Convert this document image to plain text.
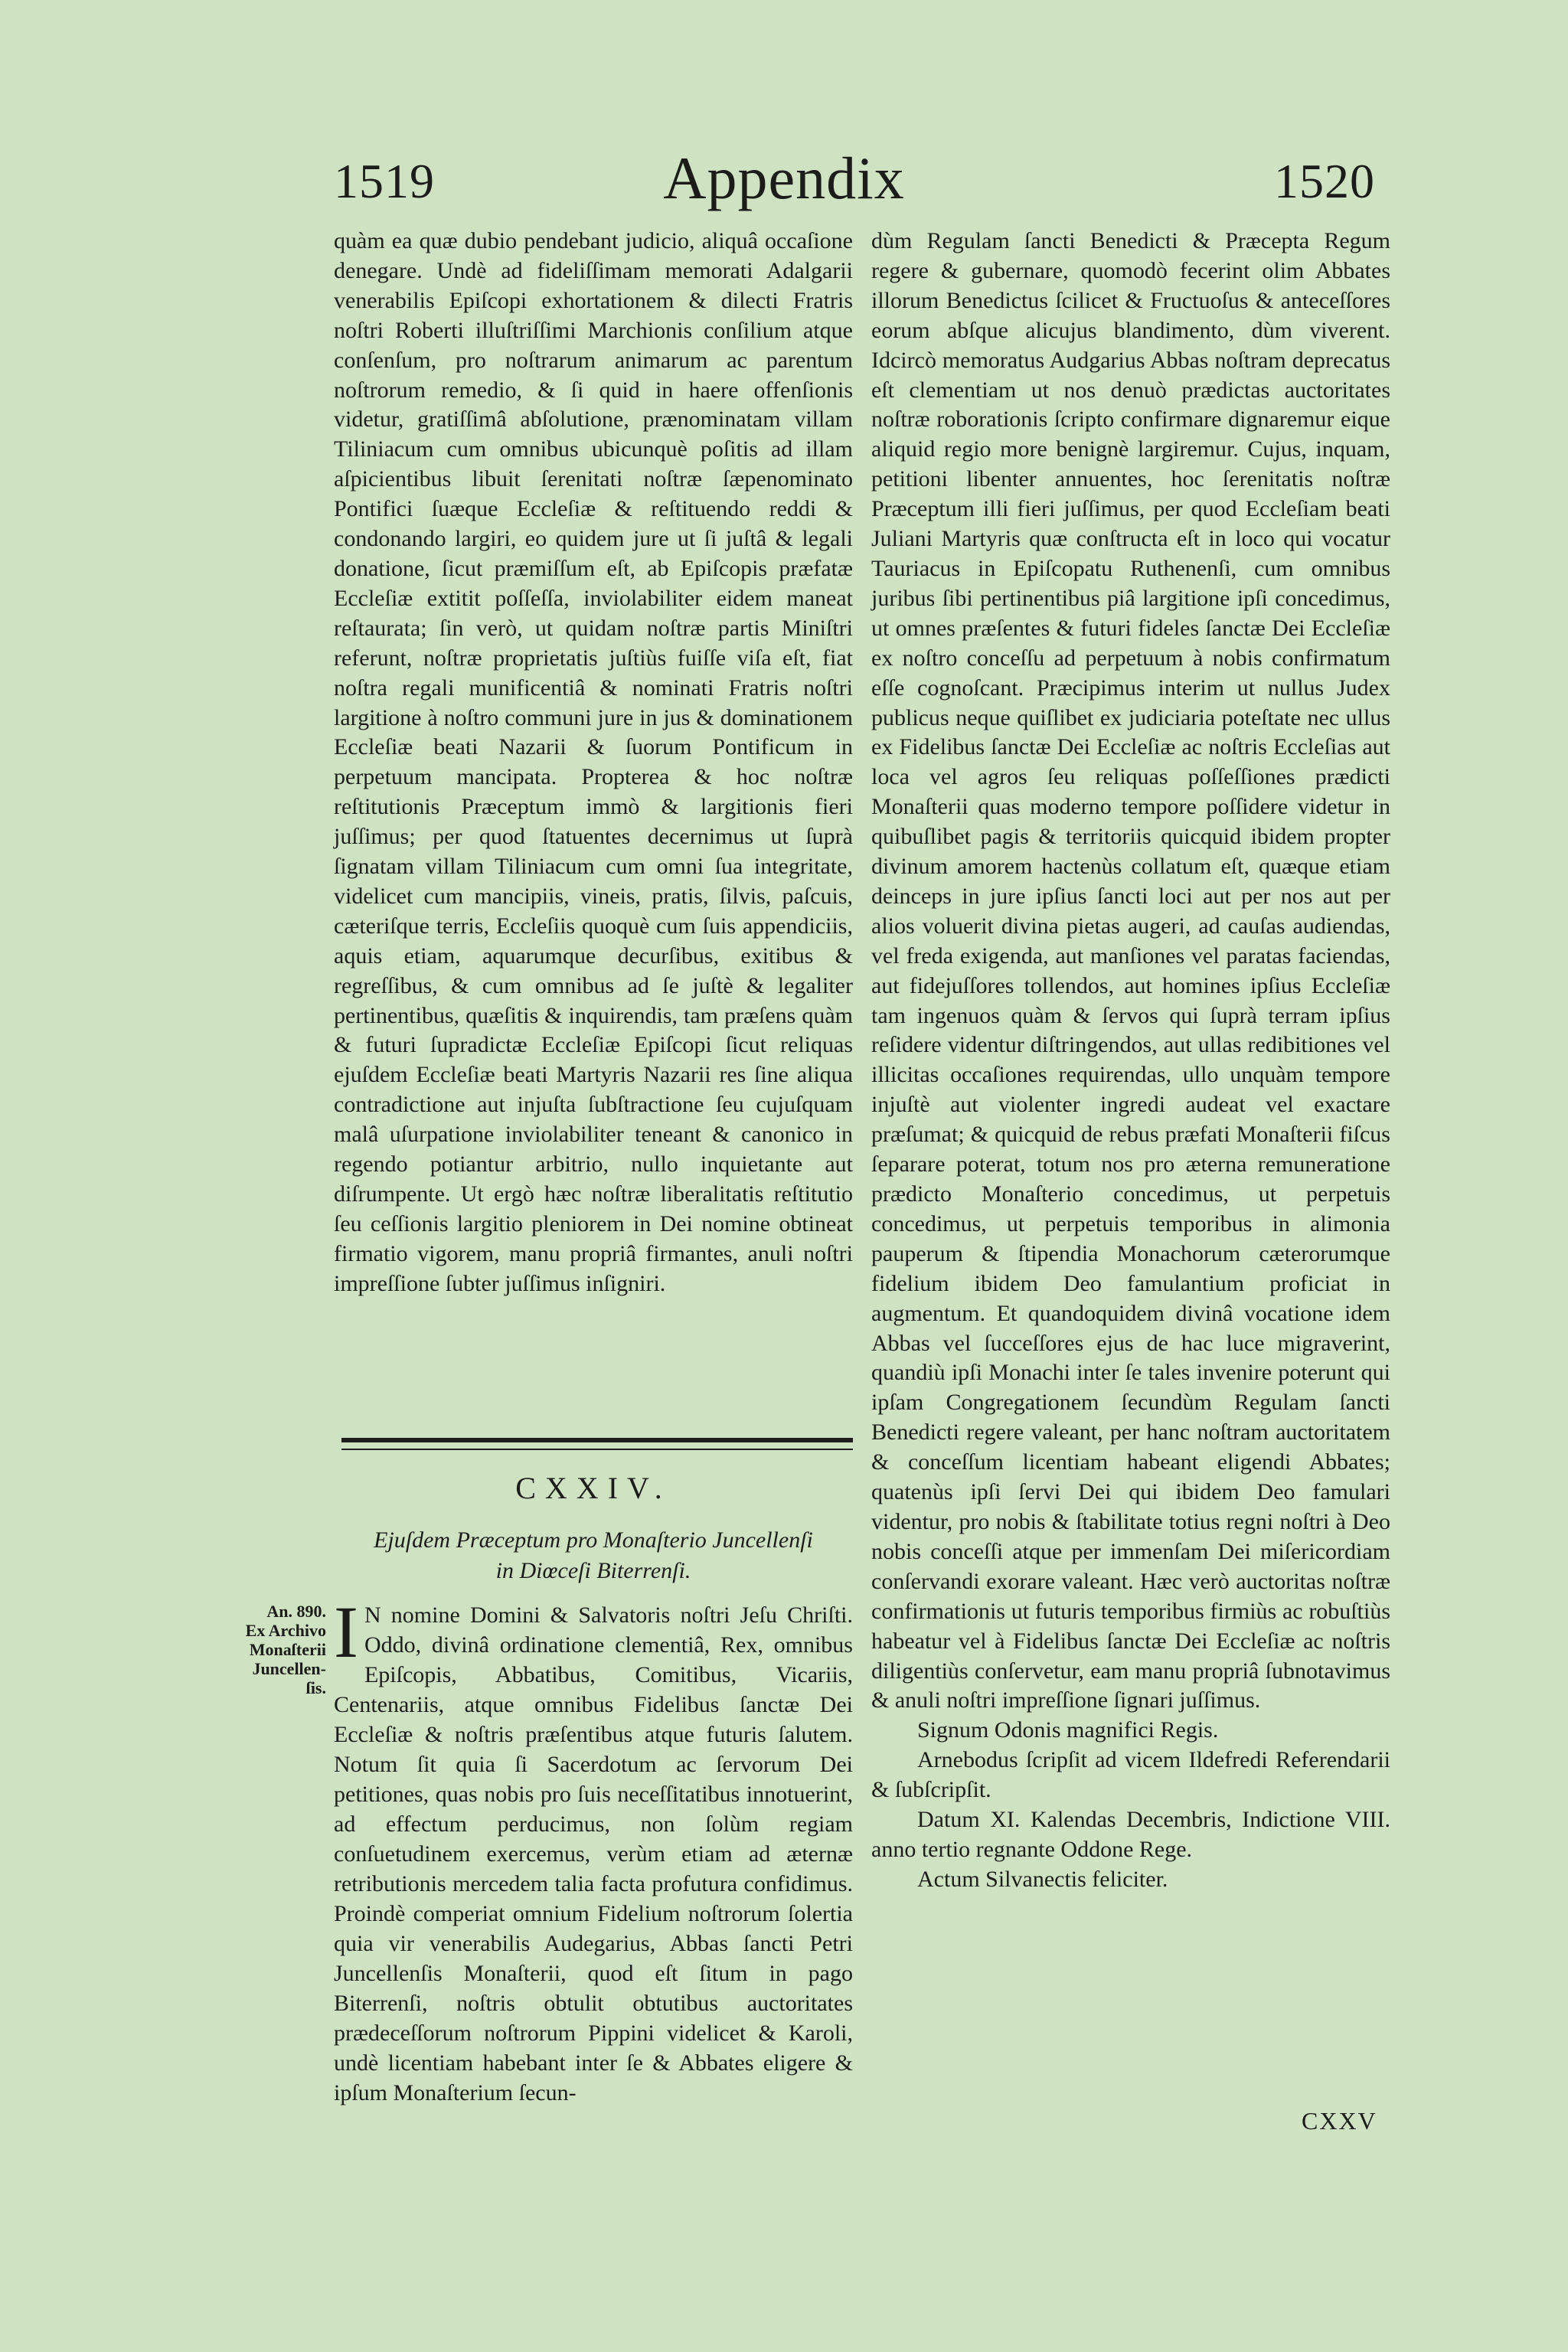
1519	Appendix	1520

quàm ea quæ dubio pendebant judicio, aliquâ occaſione denegare. Undè ad fideliſſimam memorati Adalgarii venerabilis Epiſcopi exhortationem & dilecti Fratris noſtri Roberti illuſtriſſimi Marchionis conſilium atque conſenſum, pro noſtrarum animarum ac parentum noſtrorum remedio, & ſi quid in haere offenſionis videtur, gratiſſimâ abſolutione, prænominatam villam Tiliniacum cum omnibus ubicunquè poſitis ad illam aſpicientibus libuit ſerenitati noſtræ ſæpenominato Pontifici ſuæque Eccleſiæ & reſtituendo reddi & condonando largiri, eo quidem jure ut ſi juſtâ & legali donatione, ſicut præmiſſum eſt, ab Epiſcopis præfatæ Eccleſiæ extitit poſſeſſa, inviolabiliter eidem maneat reſtaurata; ſin verò, ut quidam noſtræ partis Miniſtri referunt, noſtræ proprietatis juſtiùs fuiſſe viſa eſt, fiat noſtra regali munificentiâ & nominati Fratris noſtri largitione à noſtro communi jure in jus & dominationem Eccleſiæ beati Nazarii & ſuorum Pontificum in perpetuum mancipata. Propterea & hoc noſtræ reſtitutionis Præceptum immò & largitionis fieri juſſimus; per quod ſtatuentes decernimus ut ſuprà ſignatam villam Tiliniacum cum omni ſua integritate, videlicet cum mancipiis, vineis, pratis, ſilvis, paſcuis, cæteriſque terris, Eccleſiis quoquè cum ſuis appendiciis, aquis etiam, aquarumque decurſibus, exitibus & regreſſibus, & cum omnibus ad ſe juſtè & legaliter pertinentibus, quæſitis & inquirendis, tam præſens quàm & futuri ſupradictæ Eccleſiæ Epiſcopi ſicut reliquas ejuſdem Eccleſiæ beati Martyris Nazarii res ſine aliqua contradictione aut injuſta ſubſtractione ſeu cujuſquam malâ uſurpatione inviolabiliter teneant & canonico in regendo potiantur arbitrio, nullo inquietante aut diſrumpente. Ut ergò hæc noſtræ liberalitatis reſtitutio ſeu ceſſionis largitio pleniorem in Dei nomine obtineat firmatio vigorem, manu propriâ firmantes, anuli noſtri impreſſione ſubter juſſimus inſigniri.

CXXIV.
Ejuſdem Præceptum pro Monaſterio Juncellenſi
in Diœceſi Biterrenſi.
An. 890.
Ex Archivo
Monaſterii
Juncellen-
ſis.
I N nomine Domini & Salvatoris noſtri Jeſu Chriſti. Oddo, divinâ ordinatione clementiâ, Rex, omnibus Epiſcopis, Abbatibus, Comitibus, Vicariis, Centenariis, atque omnibus Fidelibus ſanctæ Dei Eccleſiæ & noſtris præſentibus atque futuris ſalutem. Notum ſit quia ſi Sacerdotum ac ſervorum Dei petitiones, quas nobis pro ſuis neceſſitatibus innotuerint, ad effectum perducimus, non ſolùm regiam conſuetudinem exercemus, verùm etiam ad æternæ retributionis mercedem talia facta profutura confidimus. Proindè comperiat omnium Fidelium noſtrorum ſolertia quia vir venerabilis Audegarius, Abbas ſancti Petri Juncellenſis Monaſterii, quod eſt ſitum in pago Biterrenſi, noſtris obtulit obtutibus auctoritates prædeceſſorum noſtrorum Pippini videlicet & Karoli, undè licentiam habebant inter ſe & Abbates eligere & ipſum Monaſterium ſecun-

dùm Regulam ſancti Benedicti & Præcepta Regum regere & gubernare, quomodò fecerint olim Abbates illorum Benedictus ſcilicet & Fructuoſus & anteceſſores eorum abſque alicujus blandimento, dùm viverent. Idcircò memoratus Audgarius Abbas noſtram deprecatus eſt clementiam ut nos denuò prædictas auctoritates noſtræ roborationis ſcripto confirmare dignaremur eique aliquid regio more benignè largiremur. Cujus, inquam, petitioni libenter annuentes, hoc ſerenitatis noſtræ Præceptum illi fieri juſſimus, per quod Eccleſiam beati Juliani Martyris quæ conſtructa eſt in loco qui vocatur Tauriacus in Epiſcopatu Ruthenenſi, cum omnibus juribus ſibi pertinentibus piâ largitione ipſi concedimus, ut omnes præſentes & futuri fideles ſanctæ Dei Eccleſiæ ex noſtro conceſſu ad perpetuum à nobis confirmatum eſſe cognoſcant. Præcipimus interim ut nullus Judex publicus neque quiſlibet ex judiciaria poteſtate nec ullus ex Fidelibus ſanctæ Dei Eccleſiæ ac noſtris Eccleſias aut loca vel agros ſeu reliquas poſſeſſiones prædicti Monaſterii quas moderno tempore poſſidere videtur in quibuſlibet pagis & territoriis quicquid ibidem propter divinum amorem hactenùs collatum eſt, quæque etiam deinceps in jure ipſius ſancti loci aut per nos aut per alios voluerit divina pietas augeri, ad cauſas audiendas, vel freda exigenda, aut manſiones vel paratas faciendas, aut fidejuſſores tollendos, aut homines ipſius Eccleſiæ tam ingenuos quàm & ſervos qui ſuprà terram ipſius reſidere videntur diſtringendos, aut ullas redibitiones vel illicitas occaſiones requirendas, ullo unquàm tempore injuſtè aut violenter ingredi audeat vel exactare præſumat; & quicquid de rebus præfati Monaſterii fiſcus ſeparare poterat, totum nos pro æterna remuneratione prædicto Monaſterio concedimus, ut perpetuis concedimus, ut perpetuis temporibus in alimonia pauperum & ſtipendia Monachorum cæterorumque fidelium ibidem Deo famulantium proficiat in augmentum. Et quandoquidem divinâ vocatione idem Abbas vel ſucceſſores ejus de hac luce migraverint, quandiù ipſi Monachi inter ſe tales invenire poterunt qui ipſam Congregationem ſecundùm Regulam ſancti Benedicti regere valeant, per hanc noſtram auctoritatem & conceſſum licentiam habeant eligendi Abbates; quatenùs ipſi ſervi Dei qui ibidem Deo famulari videntur, pro nobis & ſtabilitate totius regni noſtri à Deo nobis conceſſi atque per immenſam Dei miſericordiam conſervandi exorare valeant. Hæc verò auctoritas noſtræ confirmationis ut futuris temporibus firmiùs ac robuſtiùs habeatur vel à Fidelibus ſanctæ Dei Eccleſiæ ac noſtris diligentiùs conſervetur, eam manu propriâ ſubnotavimus & anuli noſtri impreſſione ſignari juſſimus.

Signum Odonis magnifici Regis.

Arnebodus ſcripſit ad vicem Ildefredi Referendarii & ſubſcripſit.

Datum XI. Kalendas Decembris, Indictione VIII. anno tertio regnante Oddone Rege.

Actum Silvanectis feliciter.

CXXV
